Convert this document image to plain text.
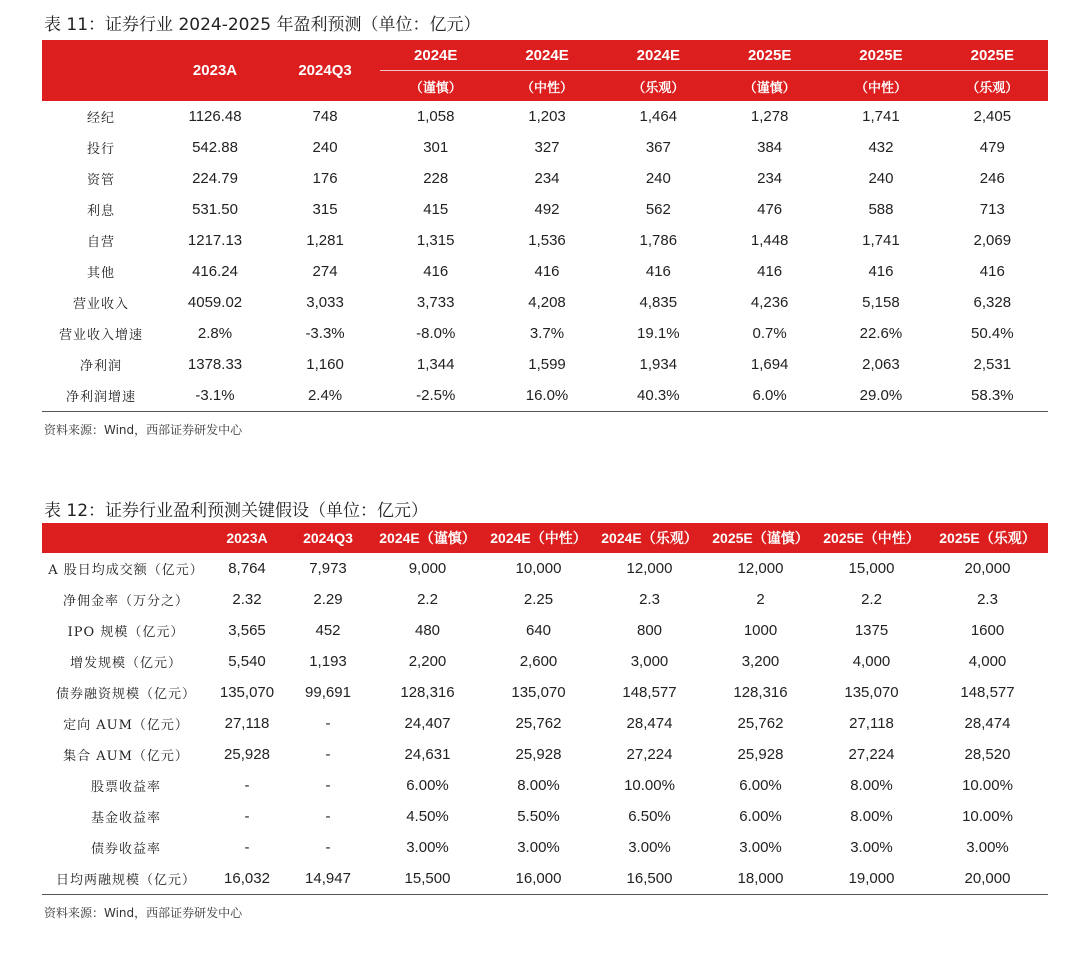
表 11：证券行业 2024-2025 年盈利预测（单位：亿元）
	2023A	2024Q3	2024E	2024E	2024E	2025E	2025E	2025E
			（谨慎）	（中性）	（乐观）	（谨慎）	（中性）	（乐观）
经纪	1126.48	748	1,058	1,203	1,464	1,278	1,741	2,405
投行	542.88	240	301	327	367	384	432	479
资管	224.79	176	228	234	240	234	240	246
利息	531.50	315	415	492	562	476	588	713
自营	1217.13	1,281	1,315	1,536	1,786	1,448	1,741	2,069
其他	416.24	274	416	416	416	416	416	416
营业收入	4059.02	3,033	3,733	4,208	4,835	4,236	5,158	6,328
营业收入增速	2.8%	-3.3%	-8.0%	3.7%	19.1%	0.7%	22.6%	50.4%
净利润	1378.33	1,160	1,344	1,599	1,934	1,694	2,063	2,531
净利润增速	-3.1%	2.4%	-2.5%	16.0%	40.3%	6.0%	29.0%	58.3%
资料来源：Wind，西部证券研发中心
表 12：证券行业盈利预测关键假设（单位：亿元）
	2023A	2024Q3	2024E（谨慎）	2024E（中性）	2024E（乐观）	2025E（谨慎）	2025E（中性）	2025E（乐观）
A 股日均成交额（亿元）	8,764	7,973	9,000	10,000	12,000	12,000	15,000	20,000
净佣金率（万分之）	2.32	2.29	2.2	2.25	2.3	2	2.2	2.3
IPO 规模（亿元）	3,565	452	480	640	800	1000	1375	1600
增发规模（亿元）	5,540	1,193	2,200	2,600	3,000	3,200	4,000	4,000
债券融资规模（亿元）	135,070	99,691	128,316	135,070	148,577	128,316	135,070	148,577
定向 AUM（亿元）	27,118	-	24,407	25,762	28,474	25,762	27,118	28,474
集合 AUM（亿元）	25,928	-	24,631	25,928	27,224	25,928	27,224	28,520
股票收益率	-	-	6.00%	8.00%	10.00%	6.00%	8.00%	10.00%
基金收益率	-	-	4.50%	5.50%	6.50%	6.00%	8.00%	10.00%
债券收益率	-	-	3.00%	3.00%	3.00%	3.00%	3.00%	3.00%
日均两融规模（亿元）	16,032	14,947	15,500	16,000	16,500	18,000	19,000	20,000
资料来源：Wind，西部证券研发中心
